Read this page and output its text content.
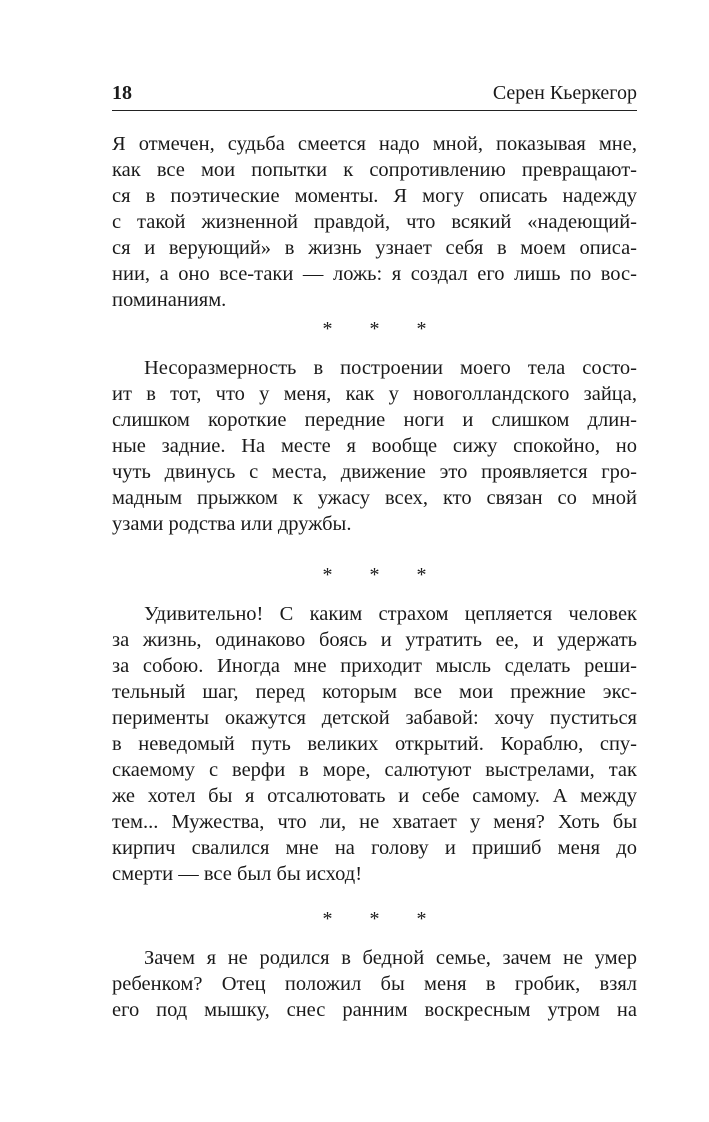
18	Серен Кьеркегор
Я отмечен, судьба смеется надо мной, показывая мне,
как все мои попытки к сопротивлению превращают-
ся в поэтические моменты. Я могу описать надежду
с такой жизненной правдой, что всякий «надеющий-
ся и верующий» в жизнь узнает себя в моем описа-
нии, а оно все-таки — ложь: я создал его лишь по вос-
поминаниям.
* * *
Несоразмерность в построении моего тела состо-
ит в тот, что у меня, как у новоголландского зайца,
слишком короткие передние ноги и слишком длин-
ные задние. На месте я вообще сижу спокойно, но
чуть двинусь с места, движение это проявляется гро-
мадным прыжком к ужасу всех, кто связан со мной
узами родства или дружбы.
* * *
Удивительно! С каким страхом цепляется человек
за жизнь, одинаково боясь и утратить ее, и удержать
за собою. Иногда мне приходит мысль сделать реши-
тельный шаг, перед которым все мои прежние экс-
перименты окажутся детской забавой: хочу пуститься
в неведомый путь великих открытий. Кораблю, спу-
скаемому с верфи в море, салютуют выстрелами, так
же хотел бы я отсалютовать и себе самому. А между
тем... Мужества, что ли, не хватает у меня? Хоть бы
кирпич свалился мне на голову и пришиб меня до
смерти — все был бы исход!
* * *
Зачем я не родился в бедной семье, зачем не умер
ребенком? Отец положил бы меня в гробик, взял
его под мышку, снес ранним воскресным утром на
